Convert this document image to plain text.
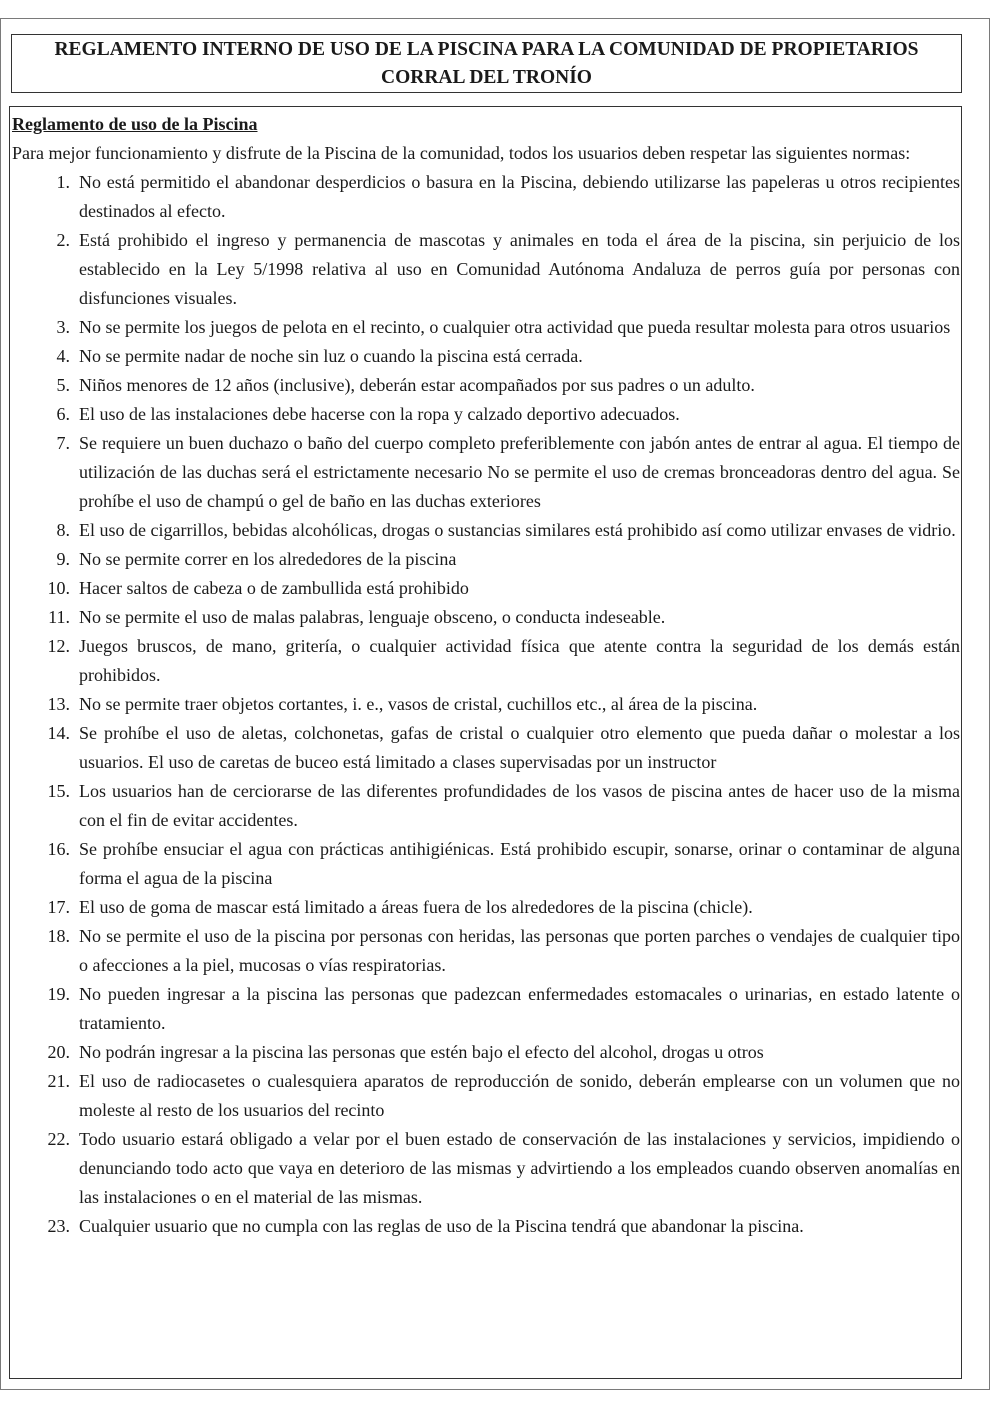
REGLAMENTO INTERNO DE USO DE LA PISCINA PARA LA COMUNIDAD DE PROPIETARIOS CORRAL DEL TRONÍO

Reglamento de uso de la Piscina

Para mejor funcionamiento y disfrute de la Piscina de la comunidad, todos los usuarios deben respetar las siguientes normas:

1. No está permitido el abandonar desperdicios o basura en la Piscina, debiendo utilizarse las papeleras u otros recipientes destinados al efecto.
2. Está prohibido el ingreso y permanencia de mascotas y animales en toda el área de la piscina, sin perjuicio de los establecido en la Ley 5/1998 relativa al uso en Comunidad Autónoma Andaluza de perros guía por personas con disfunciones visuales.
3. No se permite los juegos de pelota en el recinto, o cualquier otra actividad que pueda resultar molesta para otros usuarios
4. No se permite nadar de noche sin luz o cuando la piscina está cerrada.
5. Niños menores de 12 años (inclusive), deberán estar acompañados por sus padres o un adulto.
6. El uso de las instalaciones debe hacerse con la ropa y calzado deportivo adecuados.
7. Se requiere un buen duchazo o baño del cuerpo completo preferiblemente con jabón antes de entrar al agua. El tiempo de utilización de las duchas será el estrictamente necesario No se permite el uso de cremas bronceadoras dentro del agua. Se prohíbe el uso de champú o gel de baño en las duchas exteriores
8. El uso de cigarrillos, bebidas alcohólicas, drogas o sustancias similares está prohibido así como utilizar envases de vidrio.
9. No se permite correr en los alrededores de la piscina
10. Hacer saltos de cabeza o de zambullida está prohibido
11. No se permite el uso de malas palabras, lenguaje obsceno, o conducta indeseable.
12. Juegos bruscos, de mano, gritería, o cualquier actividad física que atente contra la seguridad de los demás están prohibidos.
13. No se permite traer objetos cortantes, i. e., vasos de cristal, cuchillos etc., al área de la piscina.
14. Se prohíbe el uso de aletas, colchonetas, gafas de cristal o cualquier otro elemento que pueda dañar o molestar a los usuarios. El uso de caretas de buceo está limitado a clases supervisadas por un instructor
15. Los usuarios han de cerciorarse de las diferentes profundidades de los vasos de piscina antes de hacer uso de la misma con el fin de evitar accidentes.
16. Se prohíbe ensuciar el agua con prácticas antihigiénicas. Está prohibido escupir, sonarse, orinar o contaminar de alguna forma el agua de la piscina
17. El uso de goma de mascar está limitado a áreas fuera de los alrededores de la piscina (chicle).
18. No se permite el uso de la piscina por personas con heridas, las personas que porten parches o vendajes de cualquier tipo o afecciones a la piel, mucosas o vías respiratorias.
19. No pueden ingresar a la piscina las personas que padezcan enfermedades estomacales o urinarias, en estado latente o tratamiento.
20. No podrán ingresar a la piscina las personas que estén bajo el efecto del alcohol, drogas u otros
21. El uso de radiocasetes o cualesquiera aparatos de reproducción de sonido, deberán emplearse con un volumen que no moleste al resto de los usuarios del recinto
22. Todo usuario estará obligado a velar por el buen estado de conservación de las instalaciones y servicios, impidiendo o denunciando todo acto que vaya en deterioro de las mismas y advirtiendo a los empleados cuando observen anomalías en las instalaciones o en el material de las mismas.
23. Cualquier usuario que no cumpla con las reglas de uso de la Piscina tendrá que abandonar la piscina.
